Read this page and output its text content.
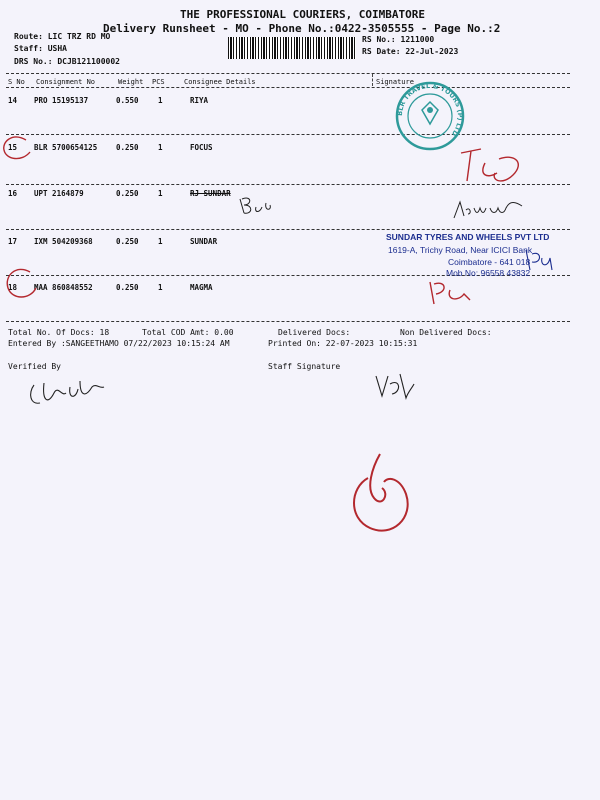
THE PROFESSIONAL COURIERS, COIMBATORE
Delivery Runsheet - MO - Phone No.:0422-3505555 - Page No.:2
Route: LIC TRZ RD MO
Staff: USHA
DRS No.: DCJB121100002
RS No.: 1211000
RS Date: 22-Jul-2023
S No Consignment No	Weight PCS	Consignee Details	Signature
14 PRO 15195137	0.550	1	RIYA
15 BLR 5700654125	0.250	1	FOCUS
16 UPT 2164879	0.250	1	RJ SUNDAR
17 IXM 504209368	0.250	1	SUNDAR
18 MAA 860848552	0.250	1	MAGMA
Total No. Of Docs: 18	Total COD Amt: 0.00	Delivered Docs:	Non Delivered Docs:
Entered By :SANGEETHAMO 07/22/2023 10:15:24 AM	Printed On: 22-07-2023 10:15:31
Verified By	Staff Signature
SUNDAR TYRES AND WHEELS PVT LTD
1619-A, Trichy Road, Near ICICI Bank
Coimbatore - 641 018
Mob No: 96558 43832
BLR TRAVEL & TOURS (P) LTD
